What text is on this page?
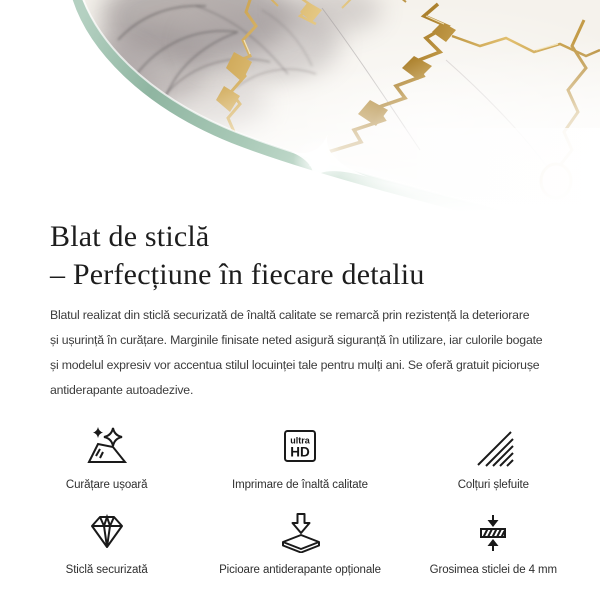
Blat de sticlă
– Perfecțiune în fiecare detaliu
Blatul realizat din sticlă securizată de înaltă calitate se remarcă prin rezistență la deteriorare
și ușurință în curățare. Marginile finisate neted asigură siguranță în utilizare, iar culorile bogate
și modelul expresiv vor accentua stilul locuinței tale pentru mulți ani. Se oferă gratuit piciorușe
antiderapante autoadezive.
Curățare ușoară
ultra
HD
Imprimare de înaltă calitate	Colțuri șlefuite
Sticlă securizată	Picioare antiderapante opționale	Grosimea sticlei de 4 mm
